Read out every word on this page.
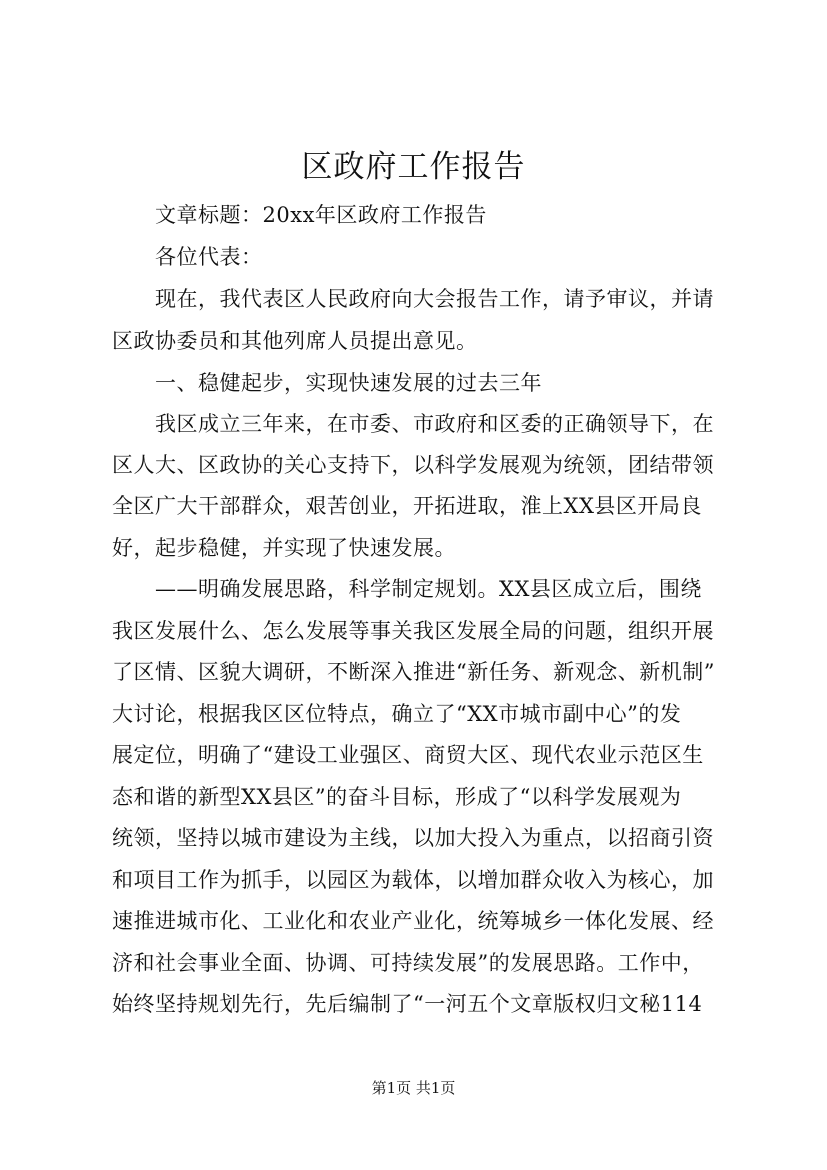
区政府工作报告
文章标题：20xx年区政府工作报告
各位代表：
现在，我代表区人民政府向大会报告工作，请予审议，并请
区政协委员和其他列席人员提出意见。
一、稳健起步，实现快速发展的过去三年
我区成立三年来，在市委、市政府和区委的正确领导下，在
区人大、区政协的关心支持下，以科学发展观为统领，团结带领
全区广大干部群众，艰苦创业，开拓进取，淮上XX县区开局良
好，起步稳健，并实现了快速发展。
——明确发展思路，科学制定规划。XX县区成立后，围绕
我区发展什么、怎么发展等事关我区发展全局的问题，组织开展
了区情、区貌大调研，不断深入推进“新任务、新观念、新机制”
大讨论，根据我区区位特点，确立了“XX市城市副中心”的发
展定位，明确了“建设工业强区、商贸大区、现代农业示范区生
态和谐的新型XX县区”的奋斗目标，形成了“以科学发展观为
统领，坚持以城市建设为主线，以加大投入为重点，以招商引资
和项目工作为抓手，以园区为载体，以增加群众收入为核心，加
速推进城市化、工业化和农业产业化，统筹城乡一体化发展、经
济和社会事业全面、协调、可持续发展”的发展思路。工作中，
始终坚持规划先行，先后编制了“一河五个文章版权归文秘114
第1页 共1页
